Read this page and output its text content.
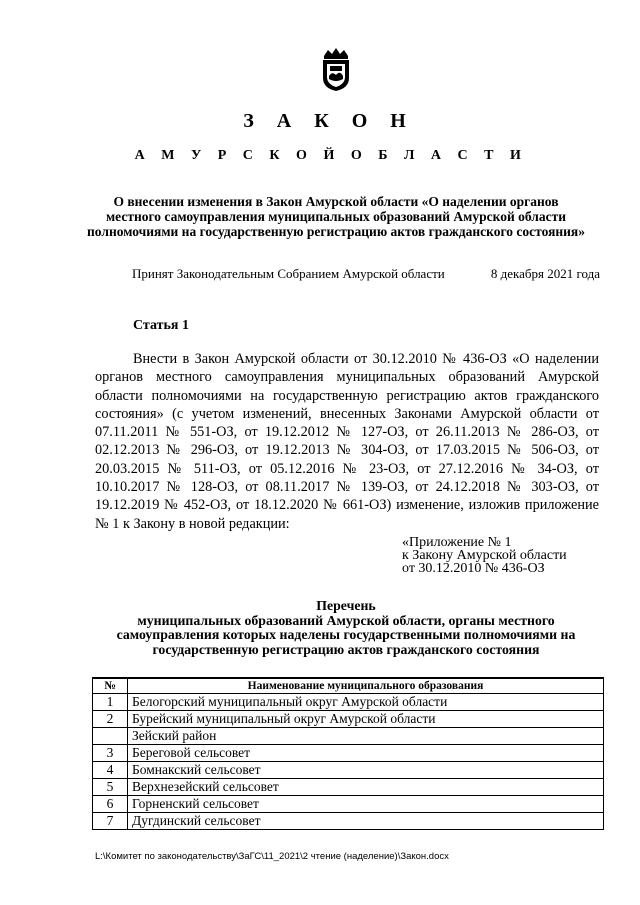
З А К О Н
А М У Р С К О Й О Б Л А С Т И
О внесении изменения в Закон Амурской области «О наделении органов местного самоуправления муниципальных образований Амурской области полномочиями на государственную регистрацию актов гражданского состояния»
Принят Законодательным Собранием Амурской области	8 декабря 2021 года
Статья 1

Внести в Закон Амурской области от 30.12.2010 № 436-ОЗ «О наделении органов местного самоуправления муниципальных образований Амурской области полномочиями на государственную регистрацию актов гражданского состояния» (с учетом изменений, внесенных Законами Амурской области от 07.11.2011 № 551-ОЗ, от 19.12.2012 № 127-ОЗ, от 26.11.2013 № 286-ОЗ, от 02.12.2013 № 296-ОЗ, от 19.12.2013 № 304-ОЗ, от 17.03.2015 № 506-ОЗ, от 20.03.2015 № 511-ОЗ, от 05.12.2016 № 23-ОЗ, от 27.12.2016 № 34-ОЗ, от 10.10.2017 № 128-ОЗ, от 08.11.2017 № 139-ОЗ, от 24.12.2018 № 303-ОЗ, от 19.12.2019 № 452-ОЗ, от 18.12.2020 № 661-ОЗ) изменение, изложив приложение № 1 к Закону в новой редакции:

«Приложение № 1
к Закону Амурской области
от 30.12.2010 № 436-ОЗ
Перечень
муниципальных образований Амурской области, органы местного самоуправления которых наделены государственными полномочиями на государственную регистрацию актов гражданского состояния
№	Наименование муниципального образования
1	Белогорский муниципальный округ Амурской области
2	Бурейский муниципальный округ Амурской области
	Зейский район
3	Береговой сельсовет
4	Бомнакский сельсовет
5	Верхнезейский сельсовет
6	Горненский сельсовет
7	Дугдинский сельсовет
L:\Комитет по законодательству\ЗаГС\11_2021\2 чтение (наделение)\Закон.docx
